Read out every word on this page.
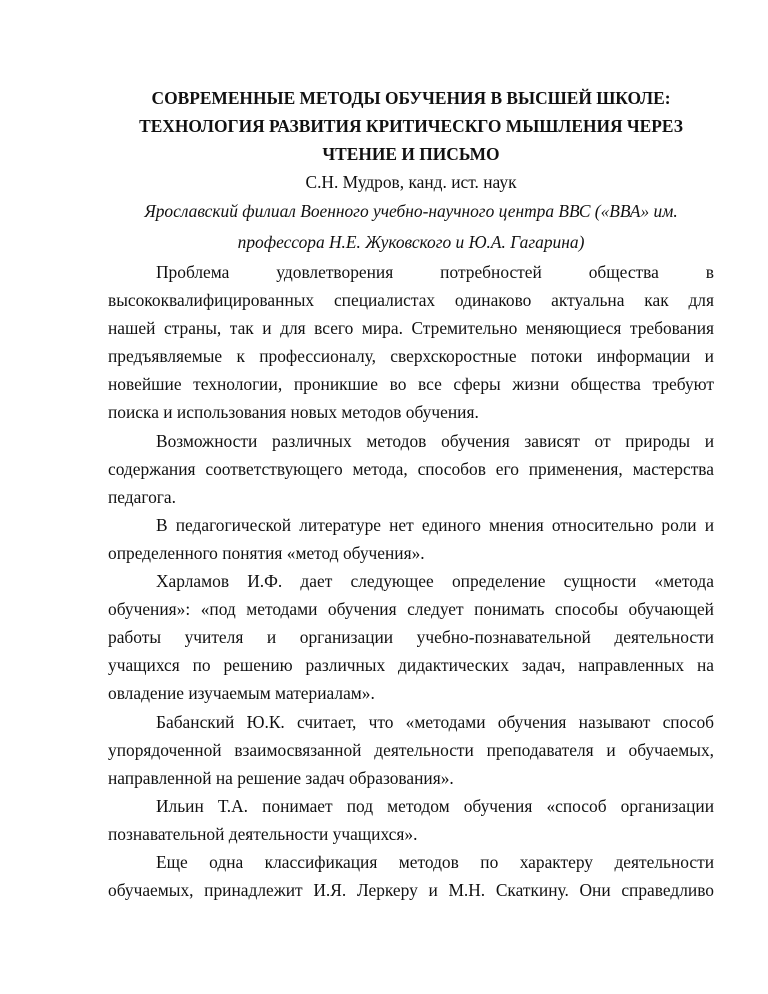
СОВРЕМЕННЫЕ МЕТОДЫ ОБУЧЕНИЯ В ВЫСШЕЙ ШКОЛЕ:
ТЕХНОЛОГИЯ РАЗВИТИЯ КРИТИЧЕСКГО МЫШЛЕНИЯ ЧЕРЕЗ
ЧТЕНИЕ И ПИСЬМО

С.Н. Мудров, канд. ист. наук

Ярославский филиал Военного учебно-научного центра ВВС («ВВА» им.
профессора Н.Е. Жуковского и Ю.А. Гагарина)

Проблема удовлетворения потребностей общества в
высококвалифицированных специалистах одинаково актуальна как для
нашей страны, так и для всего мира. Стремительно меняющиеся требования
предъявляемые к профессионалу, сверхскоростные потоки информации и
новейшие технологии, проникшие во все сферы жизни общества требуют
поиска и использования новых методов обучения.

Возможности различных методов обучения зависят от природы и
содержания соответствующего метода, способов его применения, мастерства
педагога.

В педагогической литературе нет единого мнения относительно роли и
определенного понятия «метод обучения».

Харламов И.Ф. дает следующее определение сущности «метода
обучения»: «под методами обучения следует понимать способы обучающей
работы учителя и организации учебно-познавательной деятельности
учащихся по решению различных дидактических задач, направленных на
овладение изучаемым материалам».

Бабанский Ю.К. считает, что «методами обучения называют способ
упорядоченной взаимосвязанной деятельности преподавателя и обучаемых,
направленной на решение задач образования».

Ильин Т.А. понимает под методом обучения «способ организации
познавательной деятельности учащихся».

Еще одна классификация методов по характеру деятельности
обучаемых, принадлежит И.Я. Леркеру и М.Н. Скаткину. Они справедливо
